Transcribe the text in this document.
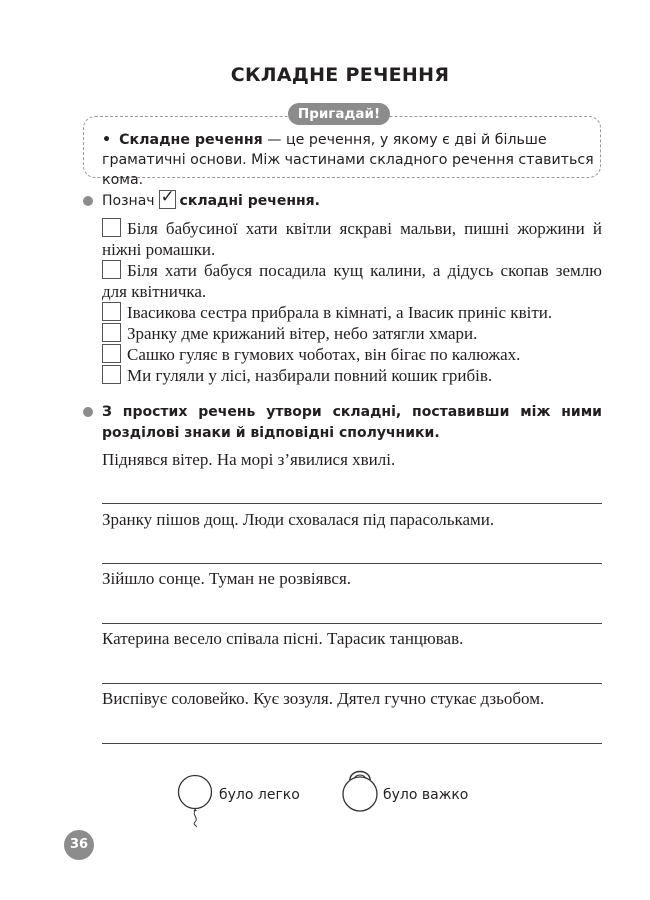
СКЛАДНЕ РЕЧЕННЯ
Пригадай!
• Складне речення — це речення, у якому є дві й більше граматичні основи. Між частинами складного речення ставиться кома.
Познач ✓ складні речення.
Біля бабусиної хати квітли яскраві мальви, пишні жоржини й ніжні ромашки.
Біля хати бабуся посадила кущ калини, а дідусь скопав землю для квітничка.
Івасикова сестра прибрала в кімнаті, а Івасик приніс квіти.
Зранку дме крижаний вітер, небо затягли хмари.
Сашко гуляє в гумових чоботах, він бігає по калюжах.
Ми гуляли у лісі, назбирали повний кошик грибів.
З простих речень утвори складні, поставивши між ними розділові знаки й відповідні сполучники.
Піднявся вітер. На морі з’явилися хвилі.
Зранку пішов дощ. Люди сховалася під парасольками.
Зійшло сонце. Туман не розвіявся.
Катерина весело співала пісні. Тарасик танцював.
Виспівує соловейко. Кує зозуля. Дятел гучно стукає дзьобом.
було легко	було важко
36
